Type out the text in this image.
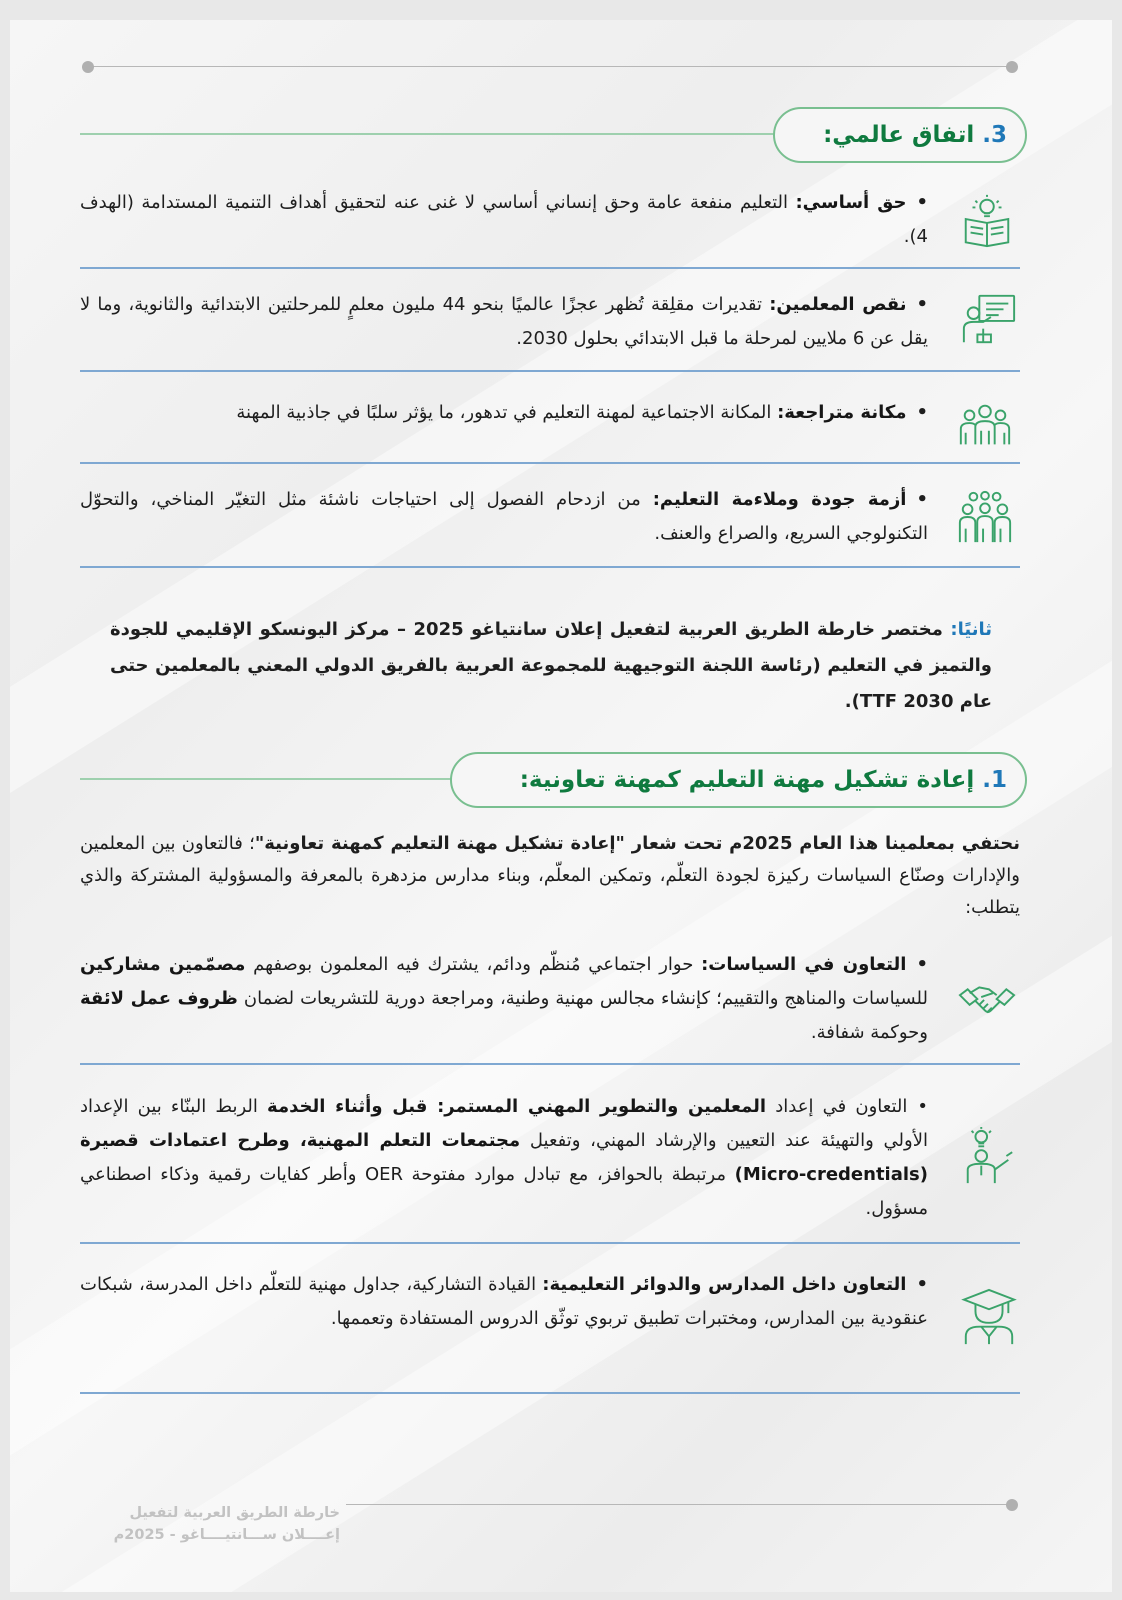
3.
اتفاق عالمي:
•حق أساسي: التعليم منفعة عامة وحق إنساني أساسي لا غنى عنه لتحقيق أهداف التنمية المستدامة (الهدف 4).
•نقص المعلمين: تقديرات مقلِقة تُظهر عجزًا عالميًا بنحو 44 مليون معلمٍ للمرحلتين الابتدائية والثانوية، وما لا يقل عن 6 ملايين لمرحلة ما قبل الابتدائي بحلول 2030.
•مكانة متراجعة: المكانة الاجتماعية لمهنة التعليم في تدهور، ما يؤثر سلبًا في جاذبية المهنة
•أزمة جودة وملاءمة التعليم: من ازدحام الفصول إلى احتياجات ناشئة مثل التغيّر المناخي، والتحوّل التكنولوجي السريع، والصراع والعنف.
ثانيًا: مختصر خارطة الطريق العربية لتفعيل إعلان سانتياغو 2025 – مركز اليونسكو الإقليمي للجودة والتميز في التعليم (رئاسة اللجنة التوجيهية للمجموعة العربية بالفريق الدولي المعني بالمعلمين حتى عام 2030 TTF).
1.
إعادة تشكيل مهنة التعليم كمهنة تعاونية:
نحتفي بمعلمينا هذا العام 2025م تحت شعار "إعادة تشكيل مهنة التعليم كمهنة تعاونية"؛ فالتعاون بين المعلمين والإدارات وصنّاع السياسات ركيزة لجودة التعلّم، وتمكين المعلّم، وبناء مدارس مزدهرة بالمعرفة والمسؤولية المشتركة والذي يتطلب:
•التعاون في السياسات: حوار اجتماعي مُنظّم ودائم، يشترك فيه المعلمون بوصفهم مصمّمين مشاركين للسياسات والمناهج والتقييم؛ كإنشاء مجالس مهنية وطنية، ومراجعة دورية للتشريعات لضمان ظروف عمل لائقة وحوكمة شفافة.
•التعاون في إعداد المعلمين والتطوير المهني المستمر: قبل وأثناء الخدمة الربط البنّاء بين الإعداد الأولي والتهيئة عند التعيين والإرشاد المهني، وتفعيل مجتمعات التعلم المهنية، وطرح اعتمادات قصيرة (Micro-credentials) مرتبطة بالحوافز، مع تبادل موارد مفتوحة OER وأطر كفايات رقمية وذكاء اصطناعي مسؤول.
•التعاون داخل المدارس والدوائر التعليمية: القيادة التشاركية، جداول مهنية للتعلّم داخل المدرسة، شبكات عنقودية بين المدارس، ومختبرات تطبيق تربوي توثّق الدروس المستفادة وتعممها.
خارطة الطريق العربية لتفعيل
إعــــلان ســـانتيــــاغو - 2025م
